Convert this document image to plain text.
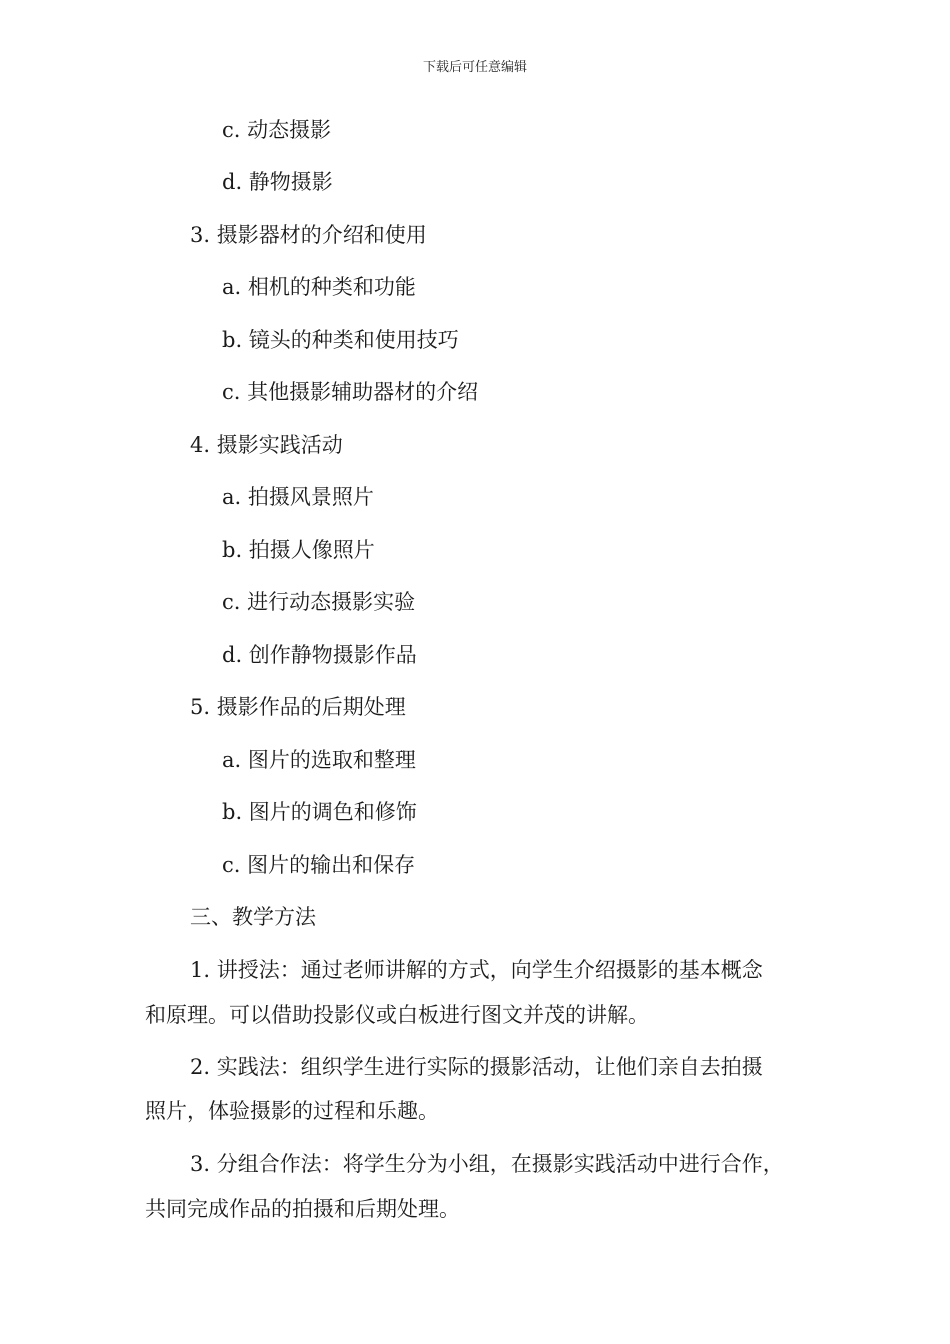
下载后可任意编辑
c. 动态摄影
d. 静物摄影
3. 摄影器材的介绍和使用
a. 相机的种类和功能
b. 镜头的种类和使用技巧
c. 其他摄影辅助器材的介绍
4. 摄影实践活动
a. 拍摄风景照片
b. 拍摄人像照片
c. 进行动态摄影实验
d. 创作静物摄影作品
5. 摄影作品的后期处理
a. 图片的选取和整理
b. 图片的调色和修饰
c. 图片的输出和保存
三、教学方法
1. 讲授法：通过老师讲解的方式，向学生介绍摄影的基本概念
和原理。可以借助投影仪或白板进行图文并茂的讲解。
2. 实践法：组织学生进行实际的摄影活动，让他们亲自去拍摄
照片，体验摄影的过程和乐趣。
3. 分组合作法：将学生分为小组，在摄影实践活动中进行合作，
共同完成作品的拍摄和后期处理。
